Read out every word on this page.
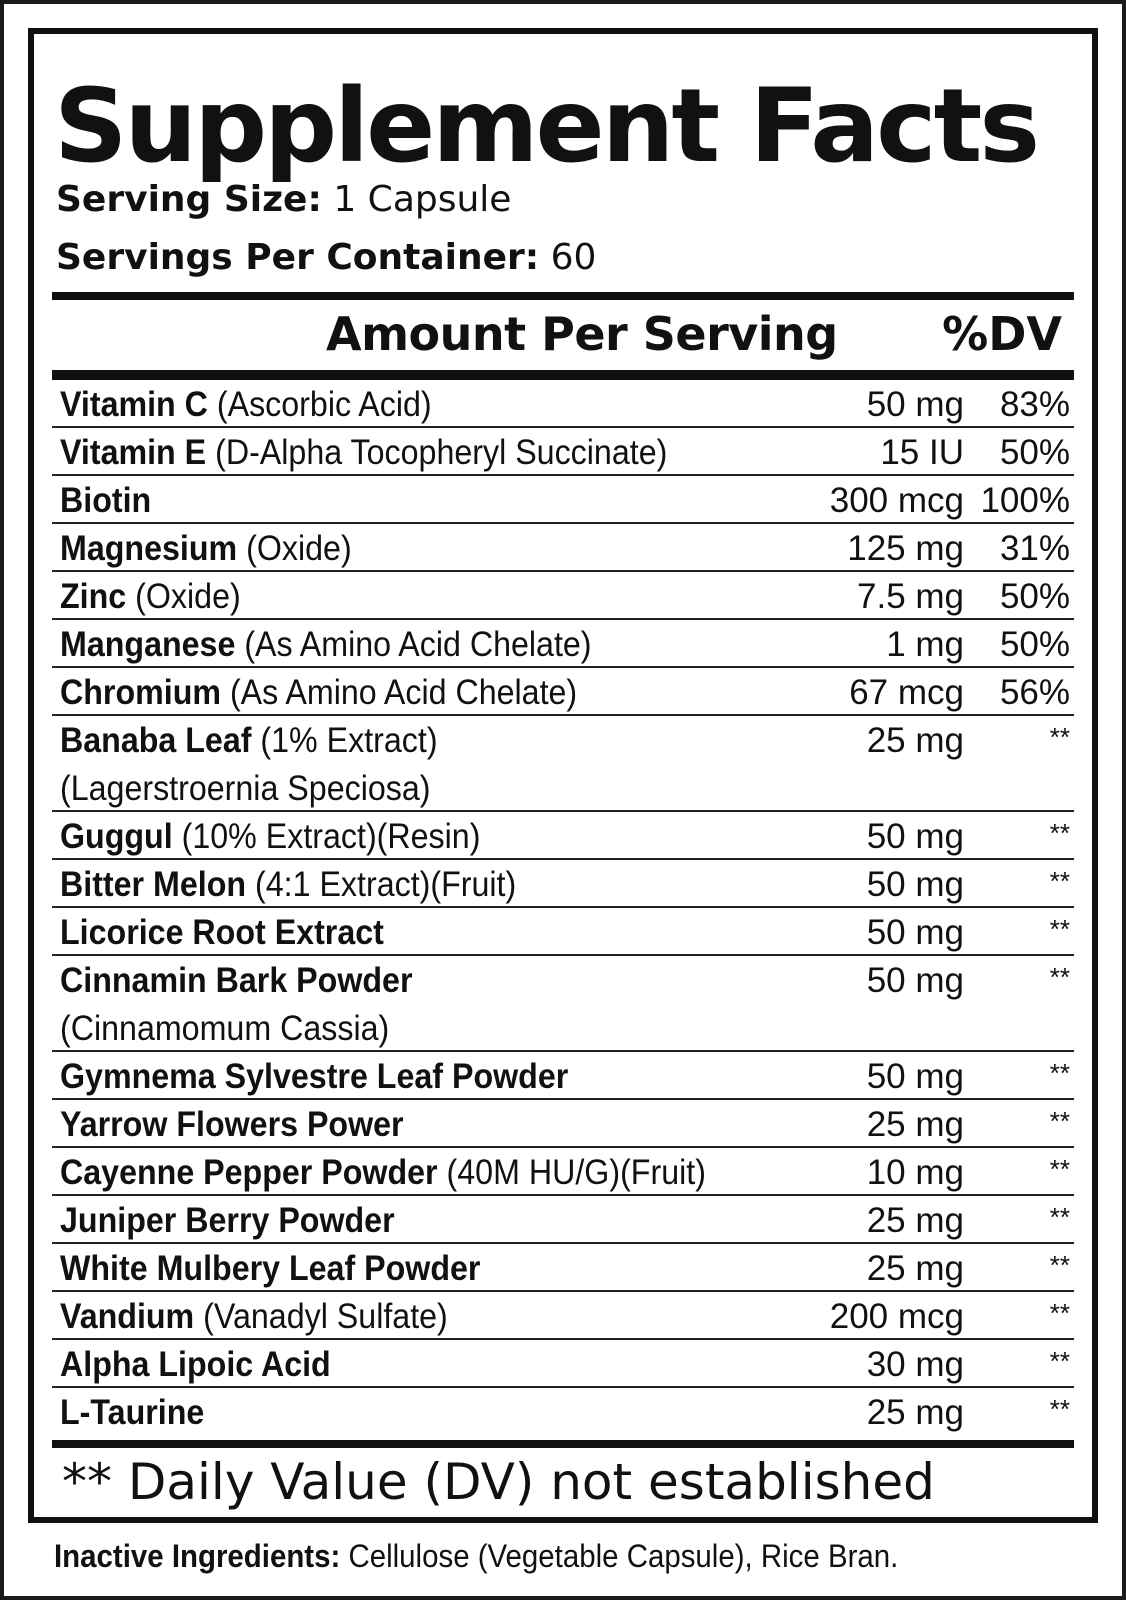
Supplement Facts
Serving Size: 1 Capsule
Servings Per Container: 60
Amount Per Serving %DV
Vitamin C (Ascorbic Acid)	50 mg 83%
Vitamin E (D-Alpha Tocopheryl Succinate)	15 IU 50%
Biotin	300 mcg 100%
Magnesium (Oxide)	125 mg 31%
Zinc (Oxide)	7.5 mg 50%
Manganese (As Amino Acid Chelate)	1 mg 50%
Chromium (As Amino Acid Chelate)	67 mcg 56%
Banaba Leaf (1% Extract)
(Lagerstroernia Speciosa)
25 mg	**
Guggul (10% Extract)(Resin)	50 mg	**
Bitter Melon (4:1 Extract)(Fruit)	50 mg	**
Licorice Root Extract	50 mg	**
Cinnamin Bark Powder
(Cinnamomum Cassia)
50 mg	**
Gymnema Sylvestre Leaf Powder	50 mg	**
Yarrow Flowers Power	25 mg	**
Cayenne Pepper Powder (40M HU/G)(Fruit)	10 mg	**
Juniper Berry Powder	25 mg	**
White Mulbery Leaf Powder	25 mg	**
Vandium (Vanadyl Sulfate)	200 mcg	**
Alpha Lipoic Acid	30 mg	**
L-Taurine	25 mg	**
** Daily Value (DV) not established
Inactive Ingredients: Cellulose (Vegetable Capsule), Rice Bran.
